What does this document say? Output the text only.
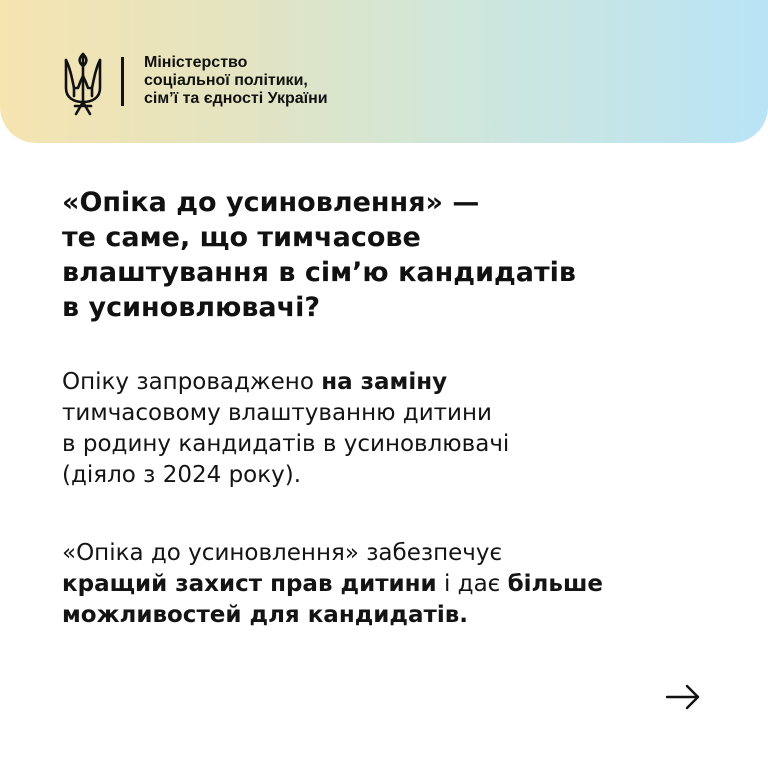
Міністерство
соціальної політики,
сім’ї та єдності України
«Опіка до усиновлення» —
те саме, що тимчасове
влаштування в сім’ю кандидатів
в усиновлювачі?
Опіку запроваджено на заміну
тимчасовому влаштуванню дитини
в родину кандидатів в усиновлювачі
(діяло з 2024 року).
«Опіка до усиновлення» забезпечує
кращий захист прав дитини і дає більше
можливостей для кандидатів.
